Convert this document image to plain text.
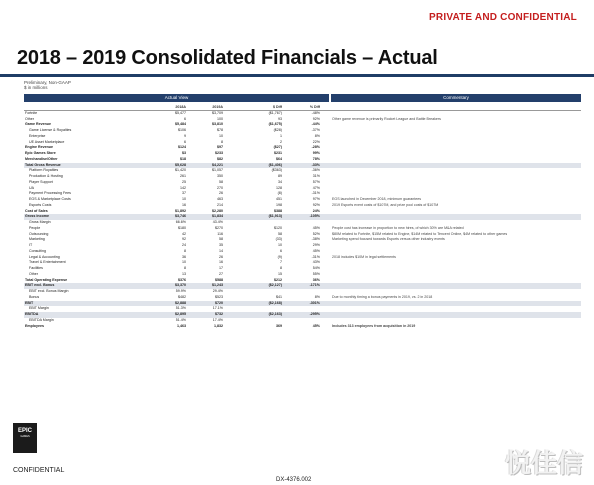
PRIVATE AND CONFIDENTIAL
2018 – 2019 Consolidated Financials – Actual
Preliminary, Non-GAAP
$ in millions
Actual View	Commentary
2018A	2019A	$ Diff	% Diff
Fortnite	$5,477	$3,709	($1,767)	-48%
Other	6	100	93	92%	Other game revenue is primarily Rocket League and Battle Breakers
Game Revenue	$5,484	$3,810	($1,675)	-44%
Game License & Royalties	$106	$78	($28)	-37%
Enterprise	9	10	1	8%
UE Asset Marketplace	6	8	2	22%
Engine Revenue	$124	$97	($27)	-28%
Epic Games Store	$3	$233	$231	99%
Merchandise/Other	$18	$82	$64	78%
Total Gross Revenue	$5,628	$4,221	($1,406)	-33%
Platform Royalties	$1,420	$1,057	($363)	-36%
Production & Hosting	261	350	89	31%
Player Support	25	58	34	57%
UA	142	270	128	47%
Payment Processing Fees	37	26	(8)	-31%
EGS & Marketplace Costs	10	463	451	97%	EGS launched in December 2018, minimum guarantees
Esports Costs	16	214	198	92%	2019 Esports event costs of $107M, and prize pool costs of $107M
Cost of Sales	$1,892	$2,280	$388	24%
Gross Income	$3,746	$1,834	($1,913)	-105%
Gross Margin	66.6%	43.4%
People	$180	$270	$120	45%	People cost has increase in proportion to new hires, of which 30% are M&A related
Outsourcing	42	116	58	52%	$80M related to Fortnite, $15M related to Engine, $14M related to Tencent Online, $4M related to other games
Marketing	92	58	(33)	-38%	Marketing spend focused towards Esports versus other industry events
IT	24	35	10	29%
Consulting	8	14	6	45%
Legal & Accounting	36	26	(9)	-31%	2018 includes $10M in legal settlements
Travel & Entertainment	10	16	7	43%
Facilities	8	17	8	54%
Other	13	27	15	55%
Total Operating Expense	$376	$588	$212	36%
EBIT excl. Bonus	$3,370	$1,243	($2,127)	-171%
EBIT excl. Bonus Margin	59.9%	29.4%
Bonus	$482	$523	$41	8%	Due to monthly timing a bonus payments in 2019, vs. 2 in 2018
EBIT	$2,888	$720	($2,168)	-301%
EBIT Margin	51.3%	17.1%
EBITDA	$2,895	$732	($2,163)	-295%
EBITDA Margin	51.4%	17.4%
Employees	1,463	1,832	369	45%	Includes 313 employees from acquisition in 2019
EPIC
GAMES
CONFIDENTIAL
DX-4376.002
悦佳信
